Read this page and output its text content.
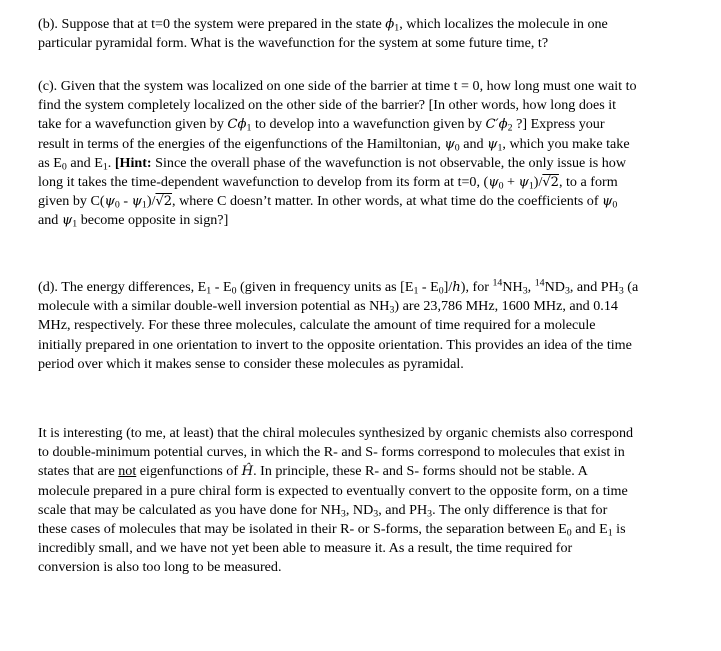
(b). Suppose that at t=0 the system were prepared in the state $\phi_1$, which localizes the molecule in one
particular pyramidal form. What is the wavefunction for the system at some future time, t?
(c). Given that the system was localized on one side of the barrier at time t = 0, how long must one wait to
find the system completely localized on the other side of the barrier? [In other words, how long does it
take for a wavefunction given by $C\phi_1$ to develop into a wavefunction given by $C'\phi_2$ ?] Express your
result in terms of the energies of the eigenfunctions of the Hamiltonian, $\psi_0$ and $\psi_1$, which you make take
as $E_0$ and $E_1$. [Hint: Since the overall phase of the wavefunction is not observable, the only issue is how
long it takes the time-dependent wavefunction to develop from its form at t=0, $(\psi_0 + \psi_1)/√2$, to a form
given by $C(\psi_0 - \psi_1)/√2$, where C doesn’t matter. In other words, at what time do the coefficients of $\psi_0$
and $\psi_1$ become opposite in sign?]
(d). The energy differences, $E_1 - E_0$ (given in frequency units as [$E_1$ - $E_0]/ℎ$), for $^{14}NH_3$, $^{14}ND_3$, and $PH_3$ (a
molecule with a similar double-well inversion potential as $NH_3$) are 23,786 MHz, 1600 MHz, and 0.14
MHz, respectively. For these three molecules, calculate the amount of time required for a molecule
initially prepared in one orientation to invert to the opposite orientation. This provides an idea of the time
period over which it makes sense to consider these molecules as pyramidal.
It is interesting (to me, at least) that the chiral molecules synthesized by organic chemists also correspond
to double-minimum potential curves, in which the R- and S- forms correspond to molecules that exist in
states that are not eigenfunctions of Ĥ. In principle, these R- and S- forms should not be stable. A
molecule prepared in a pure chiral form is expected to eventually convert to the opposite form, on a time
scale that may be calculated as you have done for $NH_3$, $ND_3$, and $PH_3$. The only difference is that for
these cases of molecules that may be isolated in their R- or S-forms, the separation between $E_0$ and $E_1$ is
incredibly small, and we have not yet been able to measure it. As a result, the time required for
conversion is also too long to be measured.
